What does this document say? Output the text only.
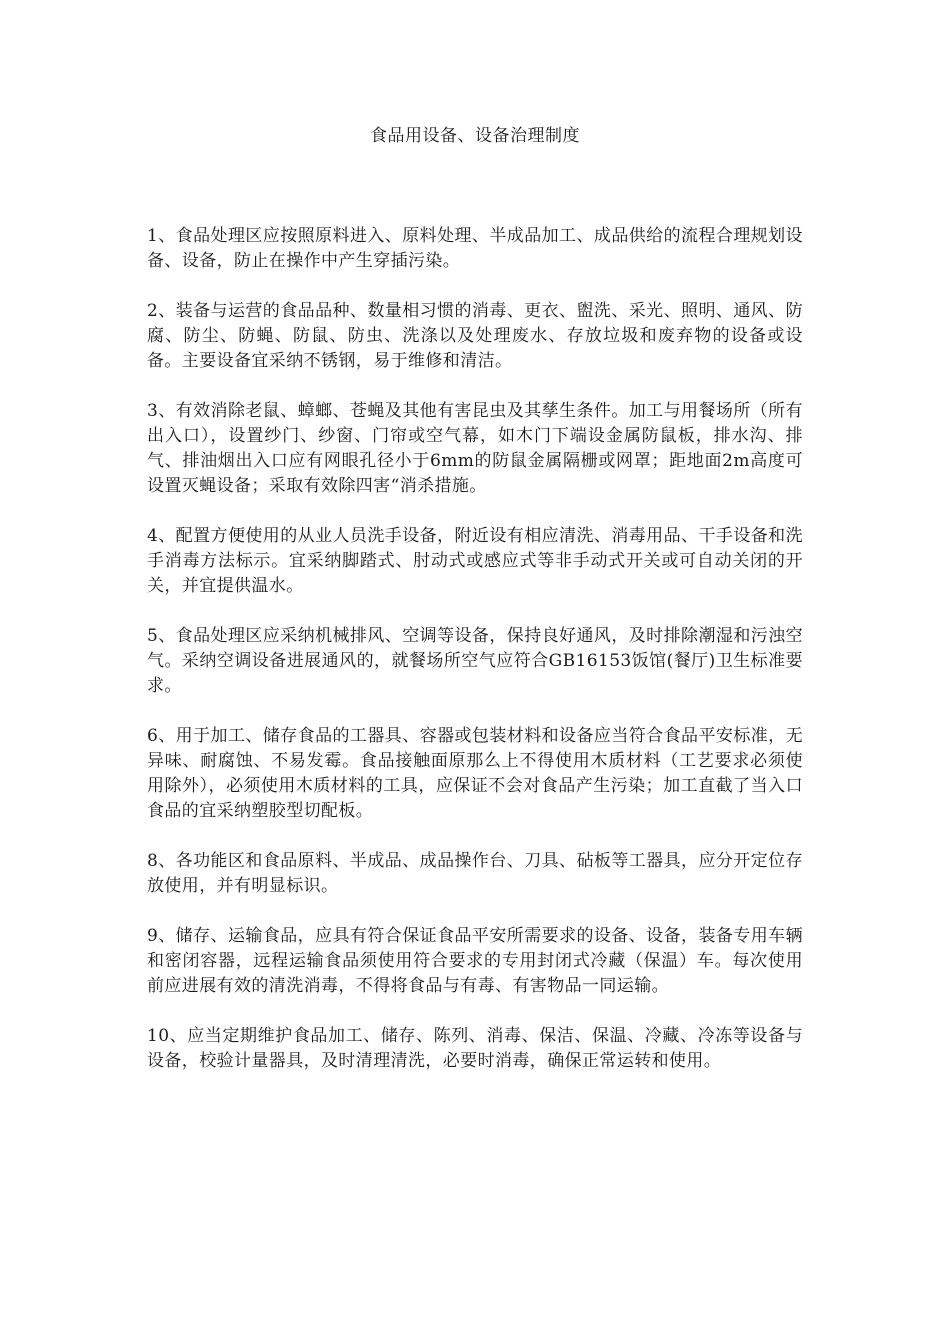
食品用设备、设备治理制度

1、食品处理区应按照原料进入、原料处理、半成品加工、成品供给的流程合理规划设备、设备，防止在操作中产生穿插污染。

2、装备与运营的食品品种、数量相习惯的消毒、更衣、盥洗、采光、照明、通风、防腐、防尘、防蝇、防鼠、防虫、洗涤以及处理废水、存放垃圾和废弃物的设备或设备。主要设备宜采纳不锈钢，易于维修和清洁。

3、有效消除老鼠、蟑螂、苍蝇及其他有害昆虫及其孳生条件。加工与用餐场所（所有出入口），设置纱门、纱窗、门帘或空气幕，如木门下端设金属防鼠板，排水沟、排气、排油烟出入口应有网眼孔径小于6mm的防鼠金属隔栅或网罩；距地面2m高度可设置灭蝇设备；采取有效除四害“消杀措施。

4、配置方便使用的从业人员洗手设备，附近设有相应清洗、消毒用品、干手设备和洗手消毒方法标示。宜采纳脚踏式、肘动式或感应式等非手动式开关或可自动关闭的开关，并宜提供温水。

5、食品处理区应采纳机械排风、空调等设备，保持良好通风，及时排除潮湿和污浊空气。采纳空调设备进展通风的，就餐场所空气应符合GB16153饭馆(餐厅)卫生标准要求。

6、用于加工、储存食品的工器具、容器或包装材料和设备应当符合食品平安标准，无异味、耐腐蚀、不易发霉。食品接触面原那么上不得使用木质材料（工艺要求必须使用除外），必须使用木质材料的工具，应保证不会对食品产生污染；加工直截了当入口食品的宜采纳塑胶型切配板。

8、各功能区和食品原料、半成品、成品操作台、刀具、砧板等工器具，应分开定位存放使用，并有明显标识。

9、储存、运输食品，应具有符合保证食品平安所需要求的设备、设备，装备专用车辆和密闭容器，远程运输食品须使用符合要求的专用封闭式冷藏（保温）车。每次使用前应进展有效的清洗消毒，不得将食品与有毒、有害物品一同运输。

10、应当定期维护食品加工、储存、陈列、消毒、保洁、保温、冷藏、冷冻等设备与设备，校验计量器具，及时清理清洗，必要时消毒，确保正常运转和使用。
